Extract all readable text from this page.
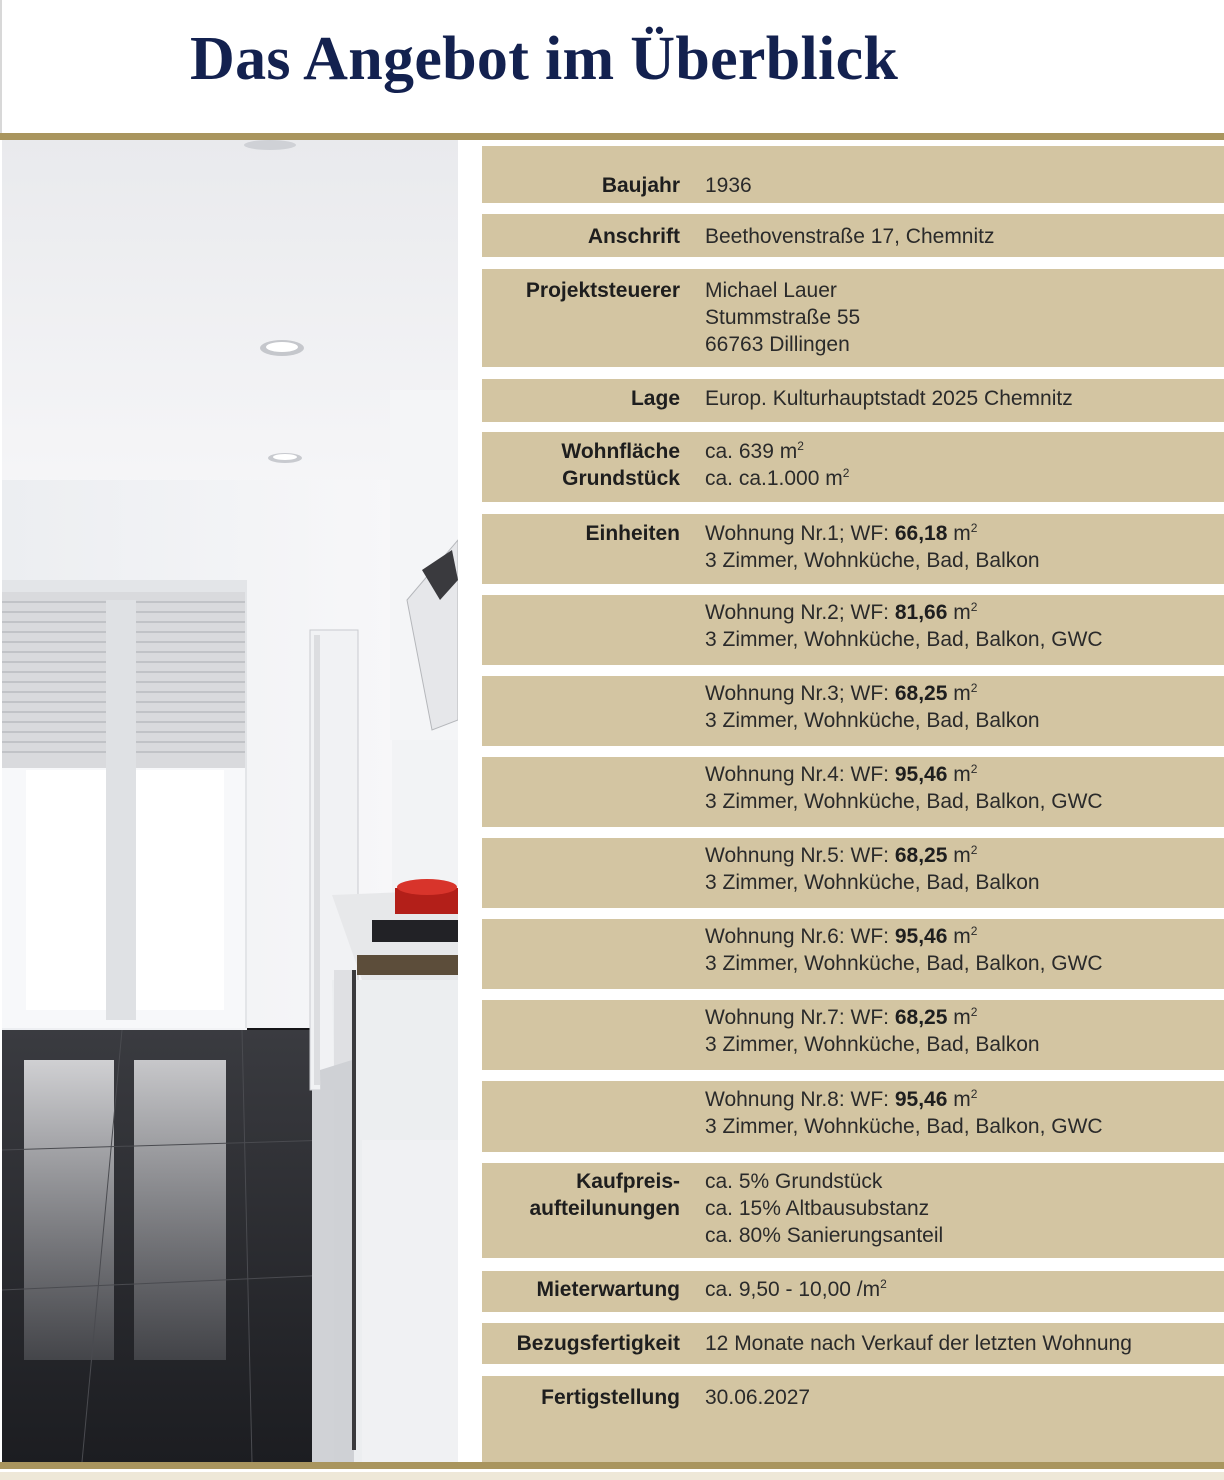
Das Angebot im Überblick
Baujahr 1936
Anschrift Beethovenstraße 17, Chemnitz
Projektsteuerer Michael Lauer
Stummstraße 55
66763 Dillingen
Lage Europ. Kulturhauptstadt 2025 Chemnitz
Wohnfläche
Grundstück
ca. 639 $m^2$
ca. ca.1.000 $m^2$
Einheiten Wohnung Nr.1; WF: 66,18 $m^2$
3 Zimmer, Wohnküche, Bad, Balkon
Wohnung Nr.2; WF: 81,66 $m^2$
3 Zimmer, Wohnküche, Bad, Balkon, GWC
Wohnung Nr.3; WF: 68,25 $m^2$
3 Zimmer, Wohnküche, Bad, Balkon
Wohnung Nr.4: WF: 95,46 $m^2$
3 Zimmer, Wohnküche, Bad, Balkon, GWC
Wohnung Nr.5: WF: 68,25 $m^2$
3 Zimmer, Wohnküche, Bad, Balkon
Wohnung Nr.6: WF: 95,46 $m^2$
3 Zimmer, Wohnküche, Bad, Balkon, GWC
Wohnung Nr.7: WF: 68,25 $m^2$
3 Zimmer, Wohnküche, Bad, Balkon
Wohnung Nr.8: WF: 95,46 $m^2$
3 Zimmer, Wohnküche, Bad, Balkon, GWC
Kaufpreis-
aufteilunungen
ca. 5% Grundstück
ca. 15% Altbausubstanz
ca. 80% Sanierungsanteil
Mieterwartung ca. 9,50 - 10,00 $/m^2$
Bezugsfertigkeit 12 Monate nach Verkauf der letzten Wohnung
Fertigstellung 30.06.2027
